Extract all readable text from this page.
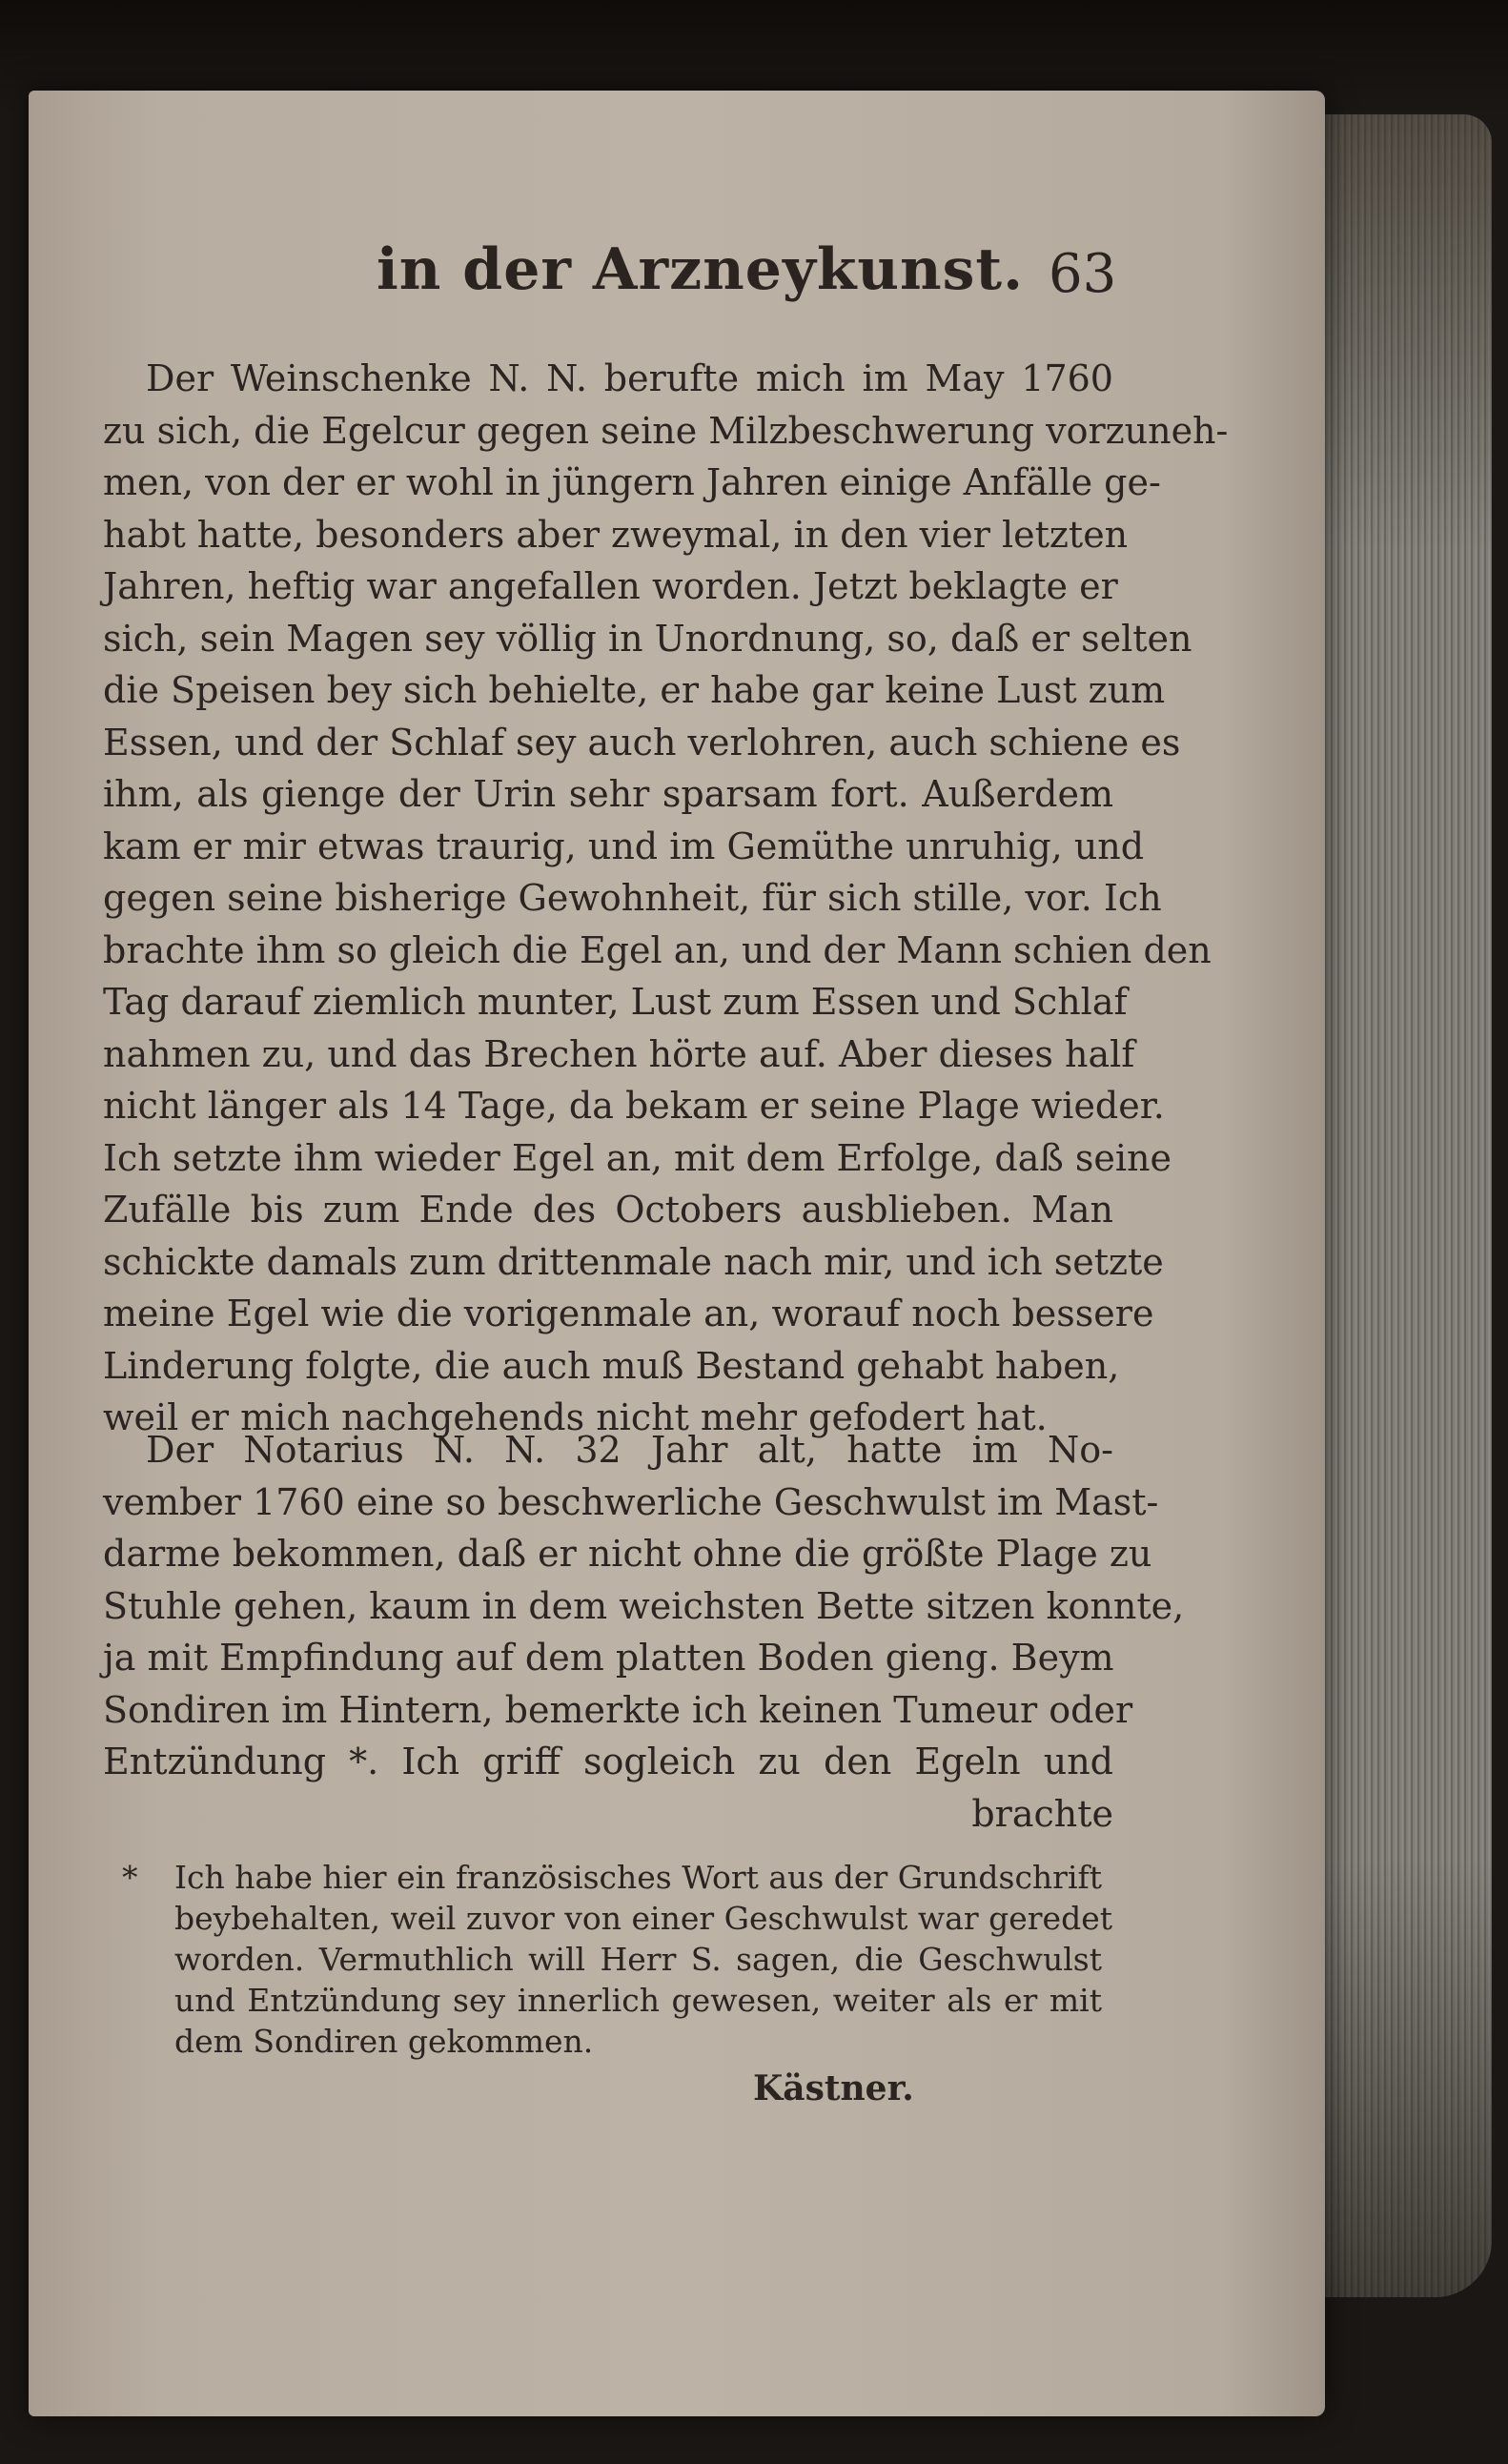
in der Arzneykunst. 63

Der Weinschenke N. N. berufte mich im May 1760
zu sich, die Egelcur gegen seine Milzbeschwerung vorzuneh-
men, von der er wohl in jüngern Jahren einige Anfälle ge-
habt hatte, besonders aber zweymal, in den vier letzten
Jahren, heftig war angefallen worden. Jetzt beklagte er
sich, sein Magen sey völlig in Unordnung, so, daß er selten
die Speisen bey sich behielte, er habe gar keine Lust zum
Essen, und der Schlaf sey auch verlohren, auch schiene es
ihm, als gienge der Urin sehr sparsam fort. Außerdem
kam er mir etwas traurig, und im Gemüthe unruhig, und
gegen seine bisherige Gewohnheit, für sich stille, vor. Ich
brachte ihm so gleich die Egel an, und der Mann schien den
Tag darauf ziemlich munter, Lust zum Essen und Schlaf
nahmen zu, und das Brechen hörte auf. Aber dieses half
nicht länger als 14 Tage, da bekam er seine Plage wieder.
Ich setzte ihm wieder Egel an, mit dem Erfolge, daß seine
Zufälle bis zum Ende des Octobers ausblieben. Man
schickte damals zum drittenmale nach mir, und ich setzte
meine Egel wie die vorigenmale an, worauf noch bessere
Linderung folgte, die auch muß Bestand gehabt haben,
weil er mich nachgehends nicht mehr gefodert hat.

Der Notarius N. N. 32 Jahr alt, hatte im No-
vember 1760 eine so beschwerliche Geschwulst im Mast-
darme bekommen, daß er nicht ohne die größte Plage zu
Stuhle gehen, kaum in dem weichsten Bette sitzen konnte,
ja mit Empfindung auf dem platten Boden gieng. Beym
Sondiren im Hintern, bemerkte ich keinen Tumeur oder
Entzündung *. Ich griff sogleich zu den Egeln und
brachte

*	Ich habe hier ein französisches Wort aus der Grundschrift
beybehalten, weil zuvor von einer Geschwulst war geredet
worden. Vermuthlich will Herr S. sagen, die Geschwulst
und Entzündung sey innerlich gewesen, weiter als er mit
dem Sondiren gekommen.
Kästner.
